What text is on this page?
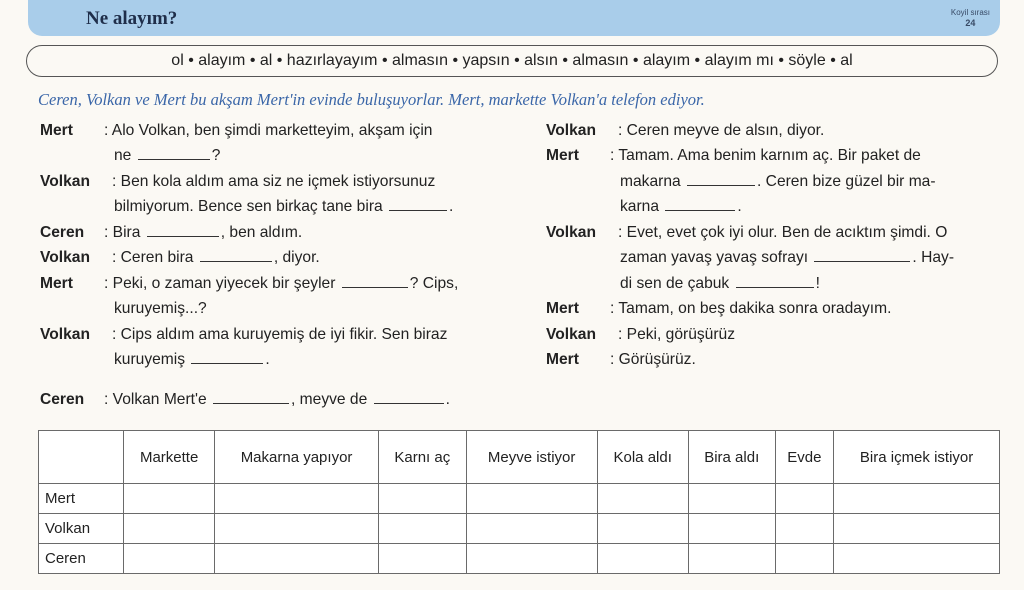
Ne alayım?	Koyil sırası
24
ol • alayım • al • hazırlayayım • almasın • yapsın • alsın • almasın • alayım • alayım mı • söyle • al
Ceren, Volkan ve Mert bu akşam Mert'in evinde buluşuyorlar. Mert, markette Volkan'a telefon ediyor.
Mert : Alo Volkan, ben şimdi marketteyim, akşam için
ne	?
Volkan : Ben kola aldım ama siz ne içmek istiyorsunuz
bilmiyorum. Bence sen birkaç tane bira	.
Ceren : Bira	, ben aldım.
Volkan : Ceren bira	, diyor.
Mert : Peki, o zaman yiyecek bir şeyler	? Cips,
kuruyemiş...?
Volkan : Cips aldım ama kuruyemiş de iyi fikir. Sen biraz
kuruyemiş	.
Ceren : Volkan Mert'e	, meyve de	.
Volkan : Ceren meyve de alsın, diyor.
Mert : Tamam. Ama benim karnım aç. Bir paket de
makarna	. Ceren bize güzel bir ma-
karna	.
Volkan : Evet, evet çok iyi olur. Ben de acıktım şimdi. O
zaman yavaş yavaş sofrayı	. Hay-
di sen de çabuk	!
Mert : Tamam, on beş dakika sonra oradayım.
Volkan : Peki, görüşürüz
Mert : Görüşürüz.
	Markette	Makarna yapıyor	Karnı aç	Meyve istiyor	Kola aldı	Bira aldı	Evde	Bira içmek istiyor
Mert								
Volkan								
Ceren								
